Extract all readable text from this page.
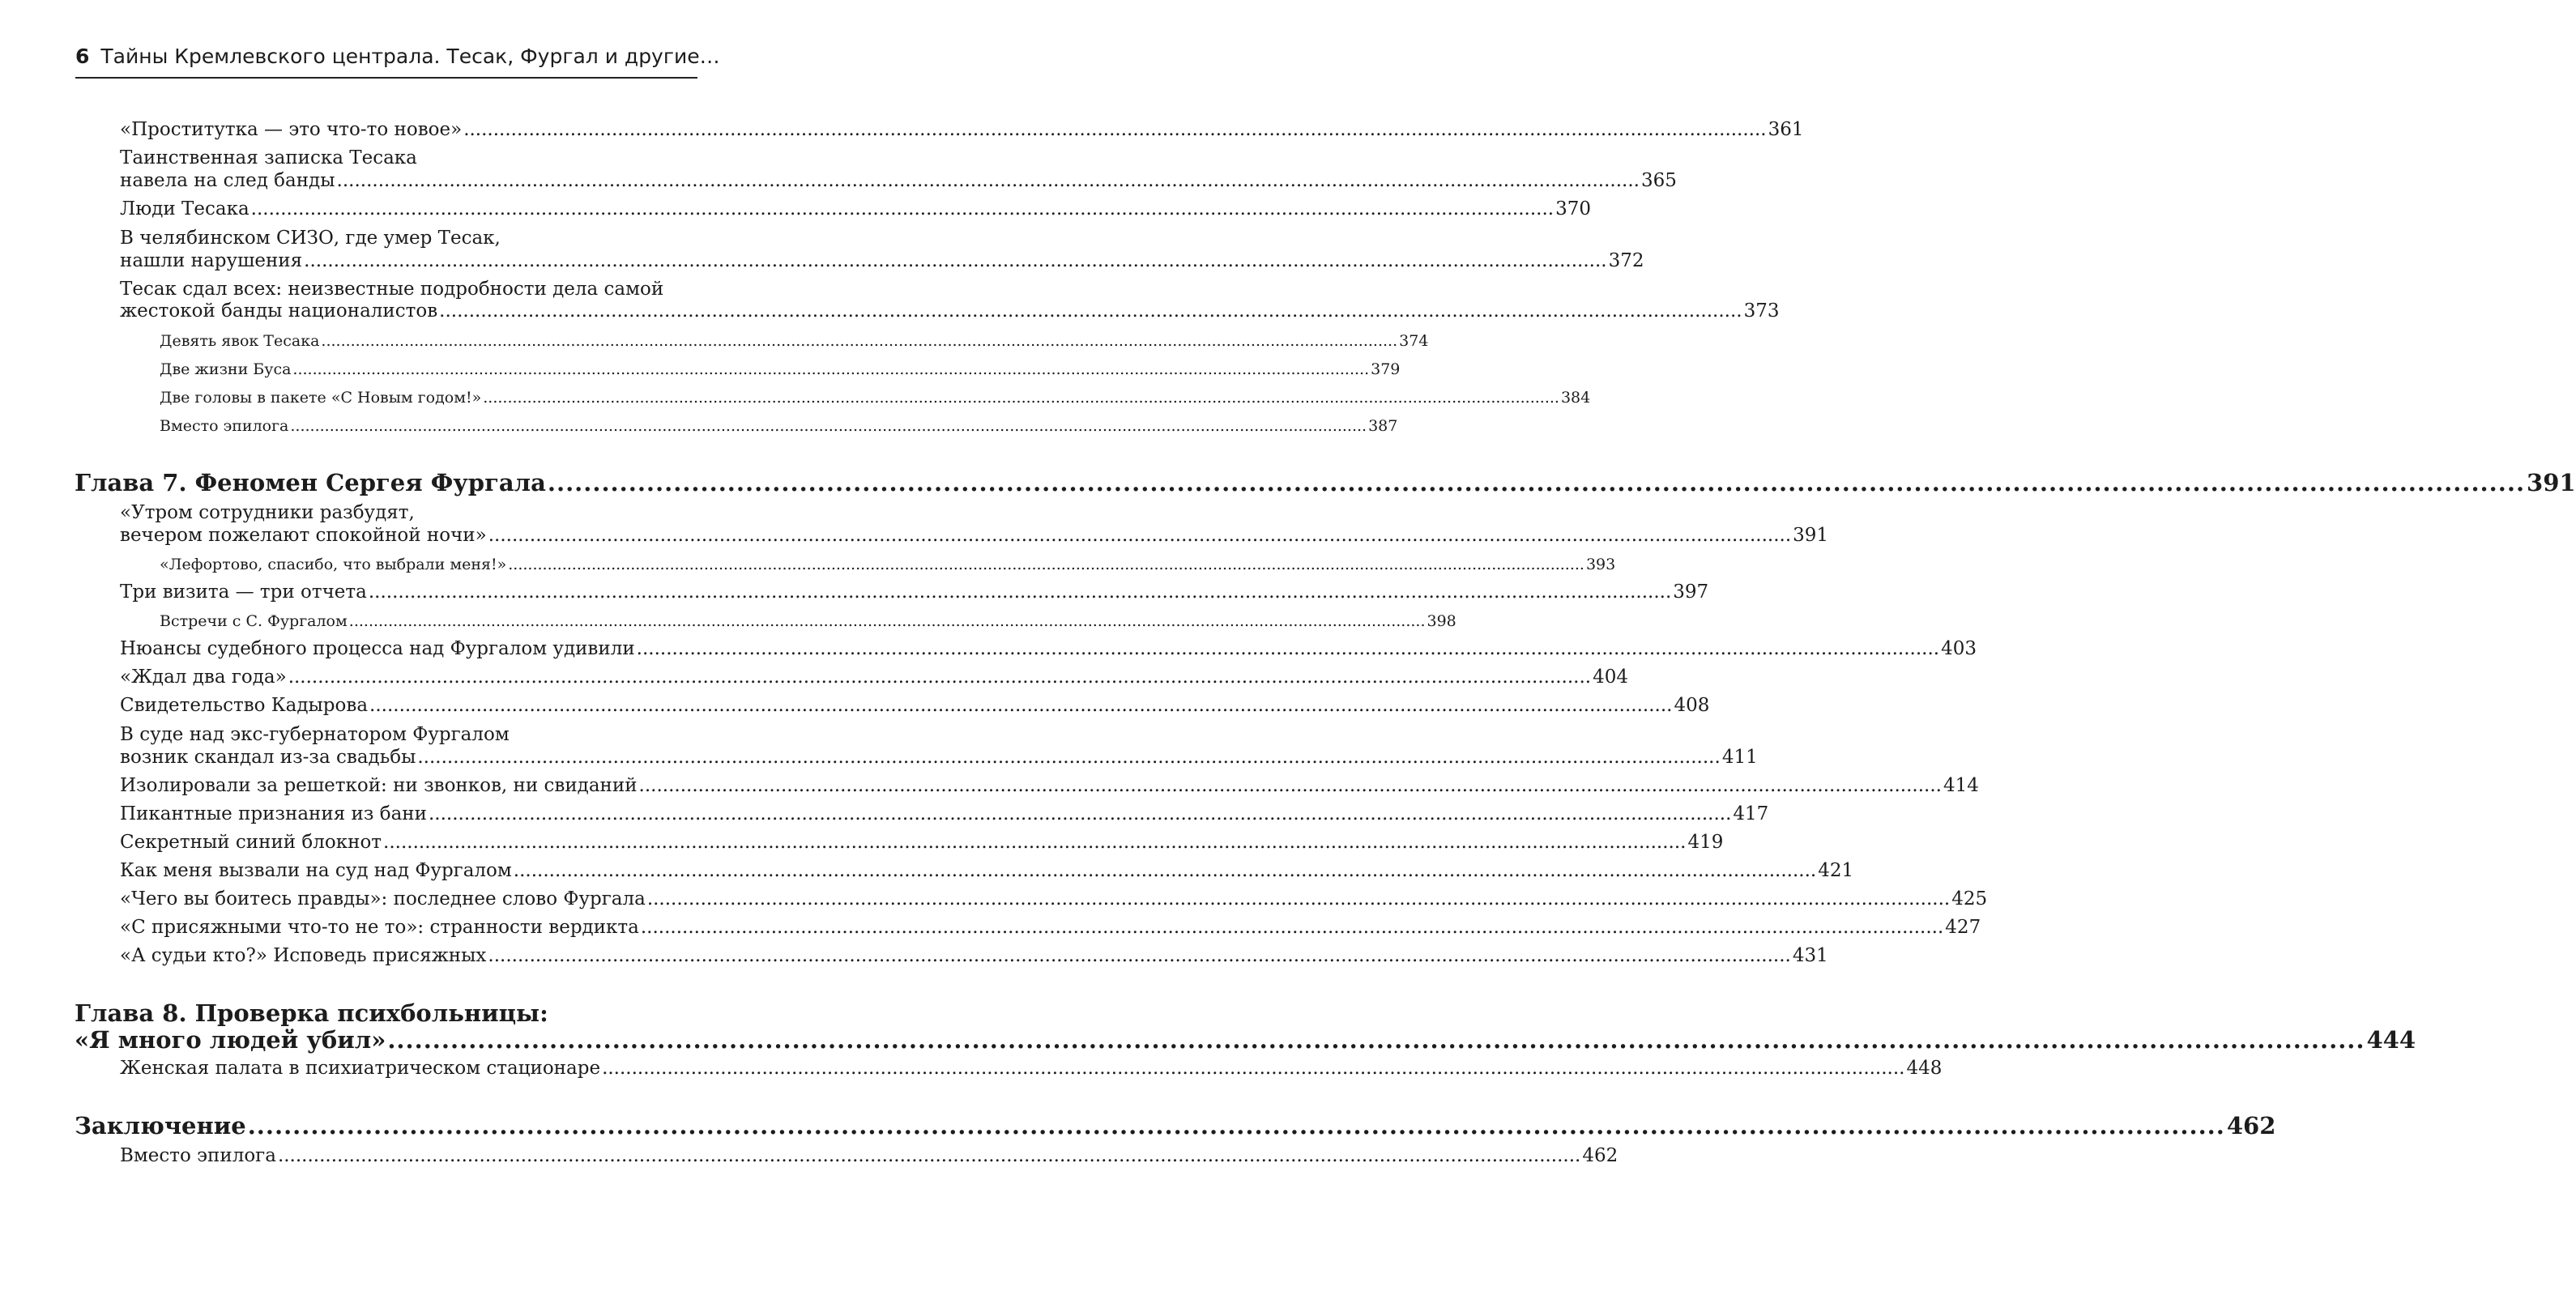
6 Тайны Кремлевского централа. Тесак, Фургал и другие…
«Проститутка — это что-то новое» ............................................................................................................................................................................................................................ 361
Таинственная записка Тесака
навела на след банды ............................................................................................................................................................................................................................ 365
Люди Тесака ............................................................................................................................................................................................................................ 370
В челябинском СИЗО, где умер Тесак,
нашли нарушения ............................................................................................................................................................................................................................ 372
Тесак сдал всех: неизвестные подробности дела самой
жестокой банды националистов ............................................................................................................................................................................................................................ 373
Девять явок Тесака ............................................................................................................................................................................................................................ 374
Две жизни Буса ............................................................................................................................................................................................................................ 379
Две головы в пакете «С Новым годом!» ............................................................................................................................................................................................................................ 384
Вместо эпилога ............................................................................................................................................................................................................................ 387
Глава 7. Феномен Сергея Фургала ............................................................................................................................................................................................................................ 391
«Утром сотрудники разбудят,
вечером пожелают спокойной ночи» ............................................................................................................................................................................................................................ 391
«Лефортово, спасибо, что выбрали меня!» ............................................................................................................................................................................................................................ 393
Три визита — три отчета ............................................................................................................................................................................................................................ 397
Встречи с С. Фургалом ............................................................................................................................................................................................................................ 398
Нюансы судебного процесса над Фургалом удивили ............................................................................................................................................................................................................................ 403
«Ждал два года» ............................................................................................................................................................................................................................ 404
Свидетельство Кадырова ............................................................................................................................................................................................................................ 408
В суде над экс-губернатором Фургалом
возник скандал из-за свадьбы ............................................................................................................................................................................................................................ 411
Изолировали за решеткой: ни звонков, ни свиданий ............................................................................................................................................................................................................................ 414
Пикантные признания из бани ............................................................................................................................................................................................................................ 417
Секретный синий блокнот ............................................................................................................................................................................................................................ 419
Как меня вызвали на суд над Фургалом ............................................................................................................................................................................................................................ 421
«Чего вы боитесь правды»: последнее слово Фургала ............................................................................................................................................................................................................................ 425
«С присяжными что-то не то»: странности вердикта ............................................................................................................................................................................................................................ 427
«А судьи кто?» Исповедь присяжных ............................................................................................................................................................................................................................ 431
Глава 8. Проверка психбольницы:
«Я много людей убил» ............................................................................................................................................................................................................................ 444
Женская палата в психиатрическом стационаре ............................................................................................................................................................................................................................ 448
Заключение ............................................................................................................................................................................................................................ 462
Вместо эпилога ............................................................................................................................................................................................................................ 462
